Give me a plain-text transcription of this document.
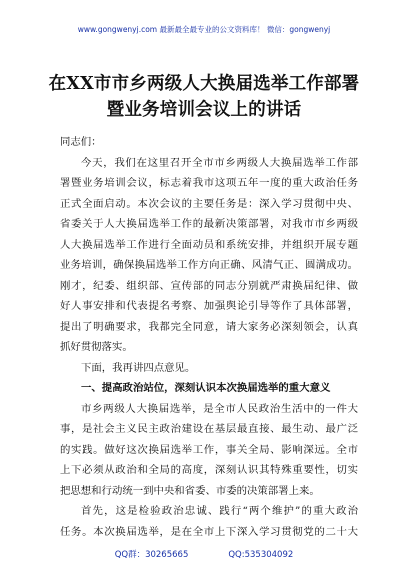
www.gongwenyj.com 最新最全最专业的公文资料库！ 微信：gongwenyj
在XX市市乡两级人大换届选举工作部署
暨业务培训会议上的讲话
同志们：
今天，我们在这里召开全市市乡两级人大换届选举工作部
署暨业务培训会议，标志着我市这项五年一度的重大政治任务
正式全面启动。本次会议的主要任务是：深入学习贯彻中央、
省委关于人大换届选举工作的最新决策部署，对我市市乡两级
人大换届选举工作进行全面动员和系统安排，并组织开展专题
业务培训，确保换届选举工作方向正确、风清气正、圆满成功。
刚才，纪委、组织部、宣传部的同志分别就严肃换届纪律、做
好人事安排和代表提名考察、加强舆论引导等作了具体部署，
提出了明确要求，我都完全同意，请大家务必深刻领会，认真
抓好贯彻落实。
下面，我再讲四点意见。
一、提高政治站位，深刻认识本次换届选举的重大意义
市乡两级人大换届选举，是全市人民政治生活中的一件大
事，是社会主义民主政治建设在基层最直接、最生动、最广泛
的实践。做好这次换届选举工作，事关全局、影响深远。全市
上下必须从政治和全局的高度，深刻认识其特殊重要性，切实
把思想和行动统一到中央和省委、市委的决策部署上来。
首先，这是检验政治忠诚、践行“两个维护”的重大政治
任务。本次换届选举，是在全市上下深入学习贯彻党的二十大
QQ群：30265665	QQ:535304092
